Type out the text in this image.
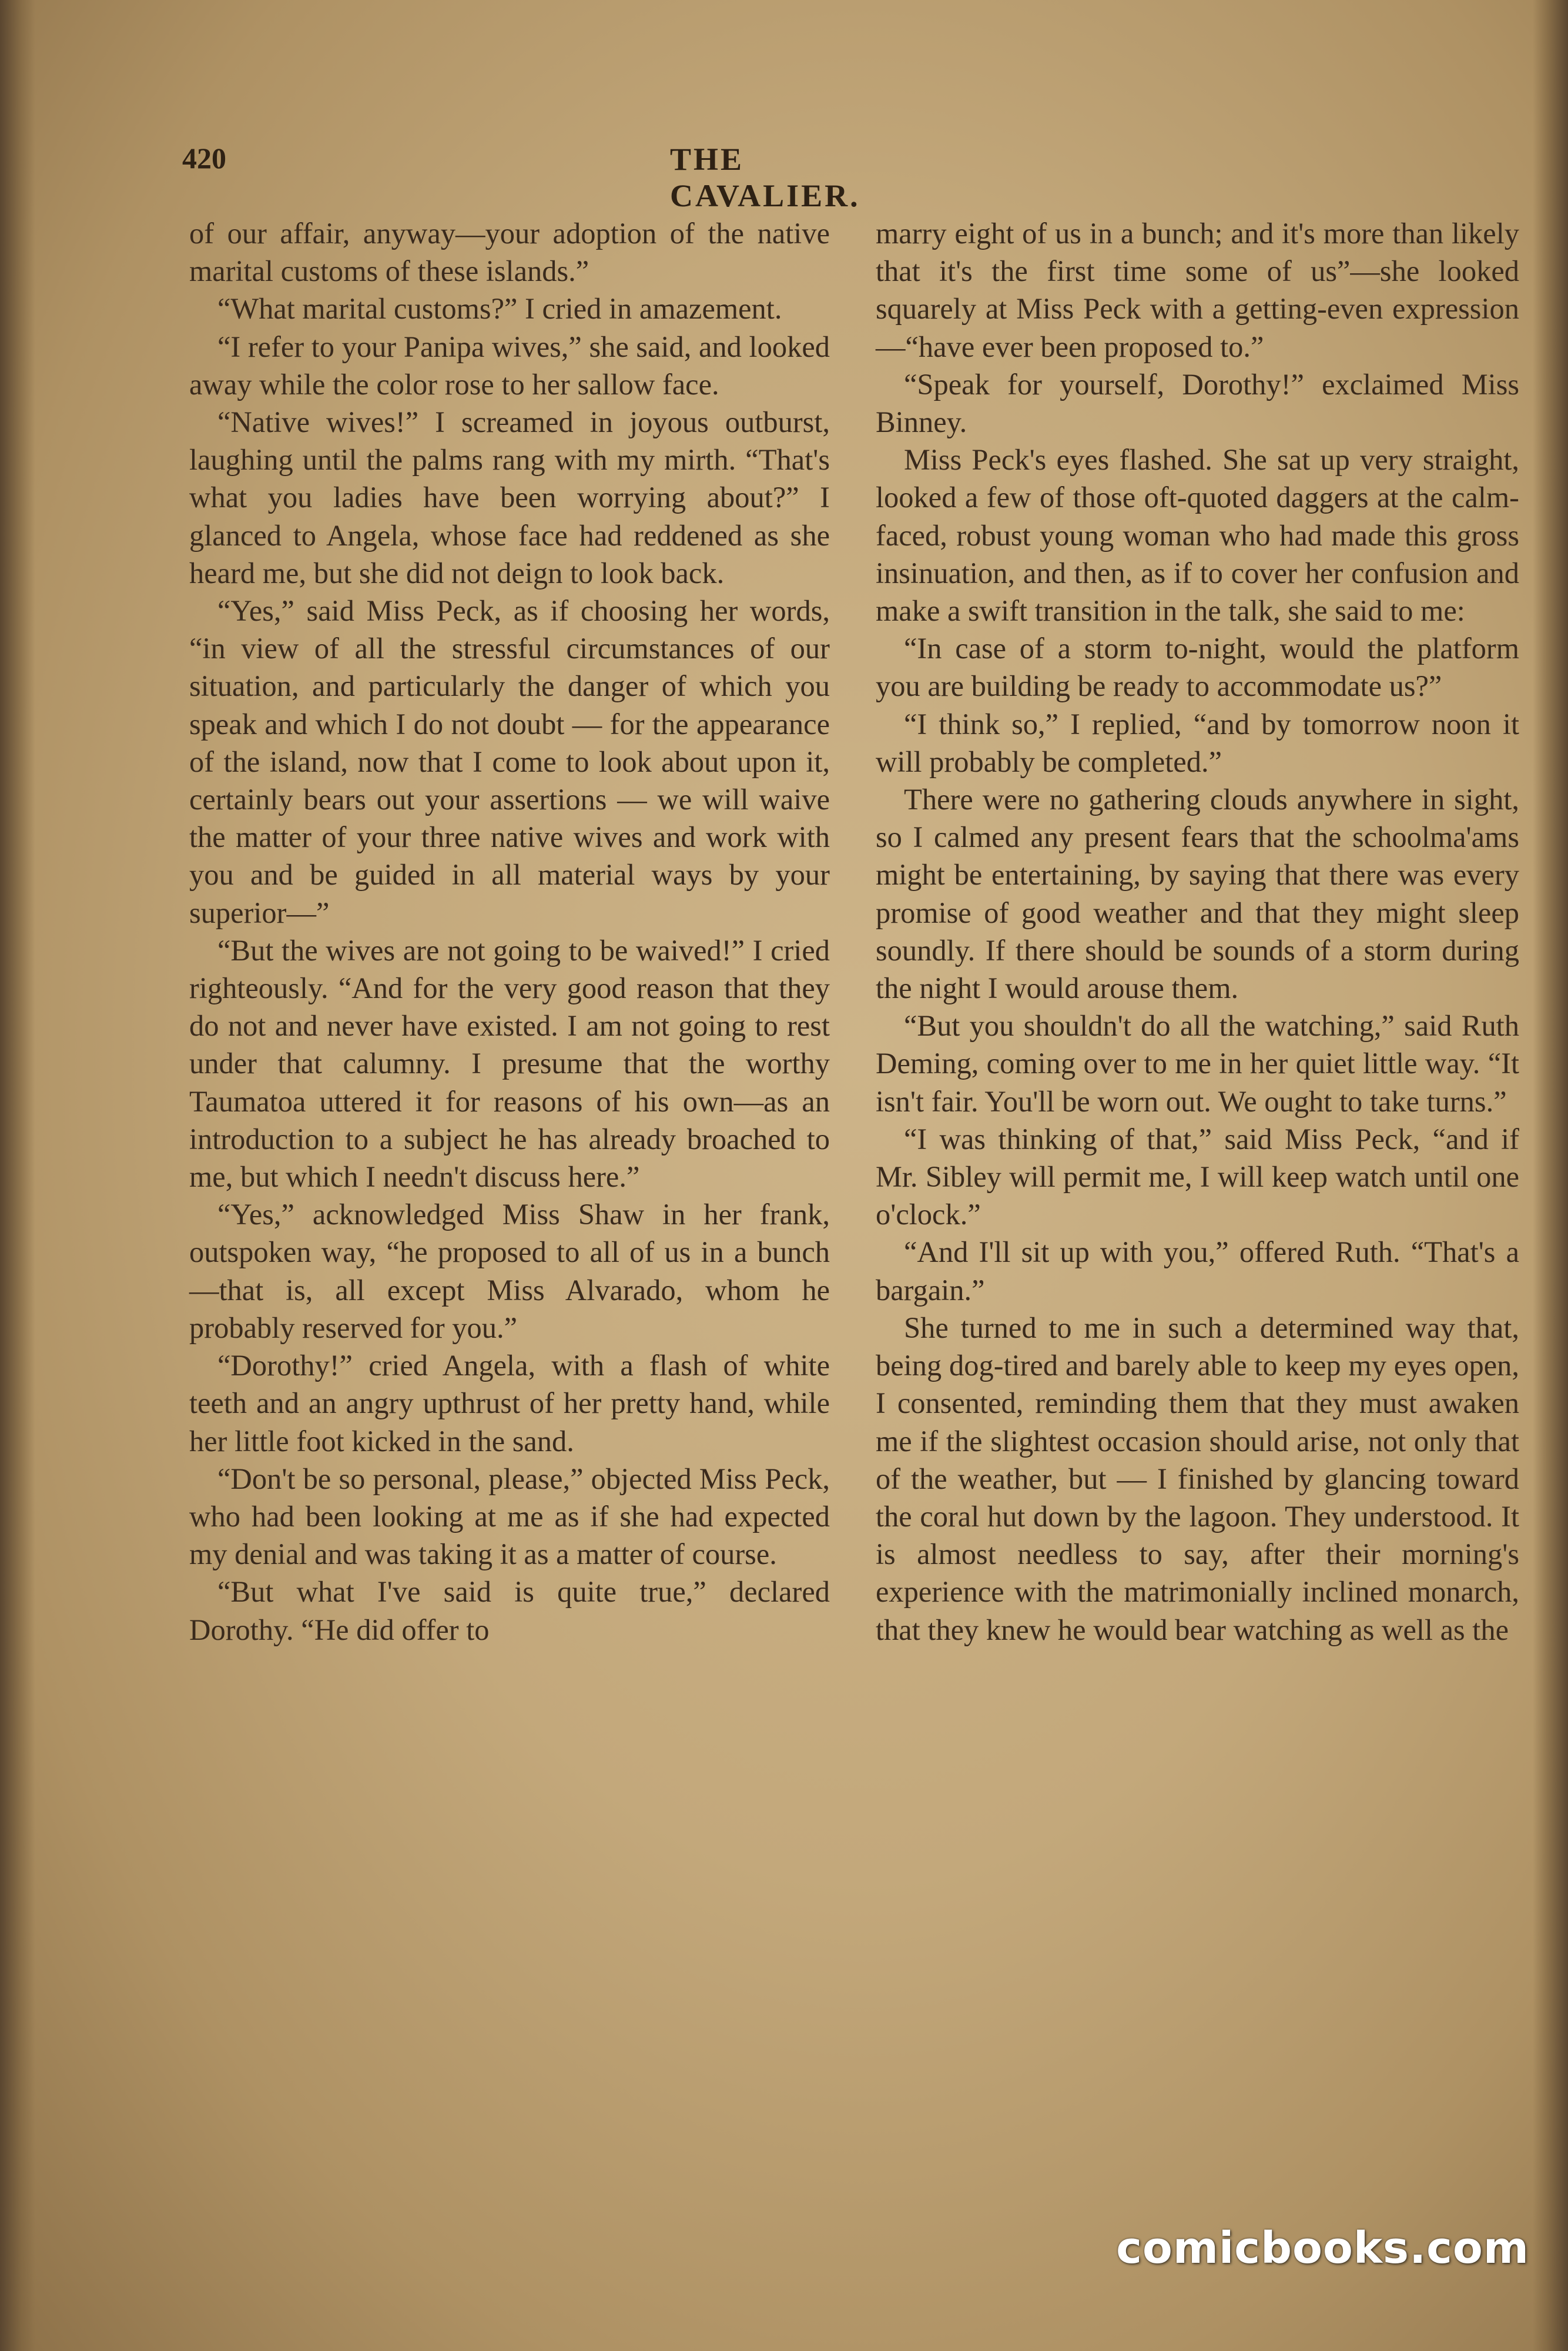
420	THE CAVALIER.

of our affair, anyway—your adoption of the native marital customs of these islands.”

“What marital customs?” I cried in amazement.

“I refer to your Panipa wives,” she said, and looked away while the color rose to her sallow face.

“Native wives!” I screamed in joyous outburst, laughing until the palms rang with my mirth. “That's what you ladies have been worrying about?” I glanced to Angela, whose face had reddened as she heard me, but she did not deign to look back.

“Yes,” said Miss Peck, as if choosing her words, “in view of all the stressful circumstances of our situation, and particularly the danger of which you speak and which I do not doubt — for the appearance of the island, now that I come to look about upon it, certainly bears out your assertions — we will waive the matter of your three native wives and work with you and be guided in all material ways by your superior—”

“But the wives are not going to be waived!” I cried righteously. “And for the very good reason that they do not and never have existed. I am not going to rest under that calumny. I presume that the worthy Taumatoa uttered it for reasons of his own—as an introduction to a subject he has already broached to me, but which I needn't discuss here.”

“Yes,” acknowledged Miss Shaw in her frank, outspoken way, “he proposed to all of us in a bunch—that is, all except Miss Alvarado, whom he probably reserved for you.”

“Dorothy!” cried Angela, with a flash of white teeth and an angry upthrust of her pretty hand, while her little foot kicked in the sand.

“Don't be so personal, please,” objected Miss Peck, who had been looking at me as if she had expected my denial and was taking it as a matter of course.

“But what I've said is quite true,” declared Dorothy. “He did offer to

marry eight of us in a bunch; and it's more than likely that it's the first time some of us”—she looked squarely at Miss Peck with a getting-even expression—“have ever been proposed to.”

“Speak for yourself, Dorothy!” exclaimed Miss Binney.

Miss Peck's eyes flashed. She sat up very straight, looked a few of those oft-quoted daggers at the calm-faced, robust young woman who had made this gross insinuation, and then, as if to cover her confusion and make a swift transition in the talk, she said to me:

“In case of a storm to-night, would the platform you are building be ready to accommodate us?”

“I think so,” I replied, “and by tomorrow noon it will probably be completed.”

There were no gathering clouds anywhere in sight, so I calmed any present fears that the schoolma'ams might be entertaining, by saying that there was every promise of good weather and that they might sleep soundly. If there should be sounds of a storm during the night I would arouse them.

“But you shouldn't do all the watching,” said Ruth Deming, coming over to me in her quiet little way. “It isn't fair. You'll be worn out. We ought to take turns.”

“I was thinking of that,” said Miss Peck, “and if Mr. Sibley will permit me, I will keep watch until one o'clock.”

“And I'll sit up with you,” offered Ruth. “That's a bargain.”

She turned to me in such a determined way that, being dog-tired and barely able to keep my eyes open, I consented, reminding them that they must awaken me if the slightest occasion should arise, not only that of the weather, but — I finished by glancing toward the coral hut down by the lagoon. They understood. It is almost needless to say, after their morning's experience with the matrimonially inclined monarch, that they knew he would bear watching as well as the

comicbooks.com
